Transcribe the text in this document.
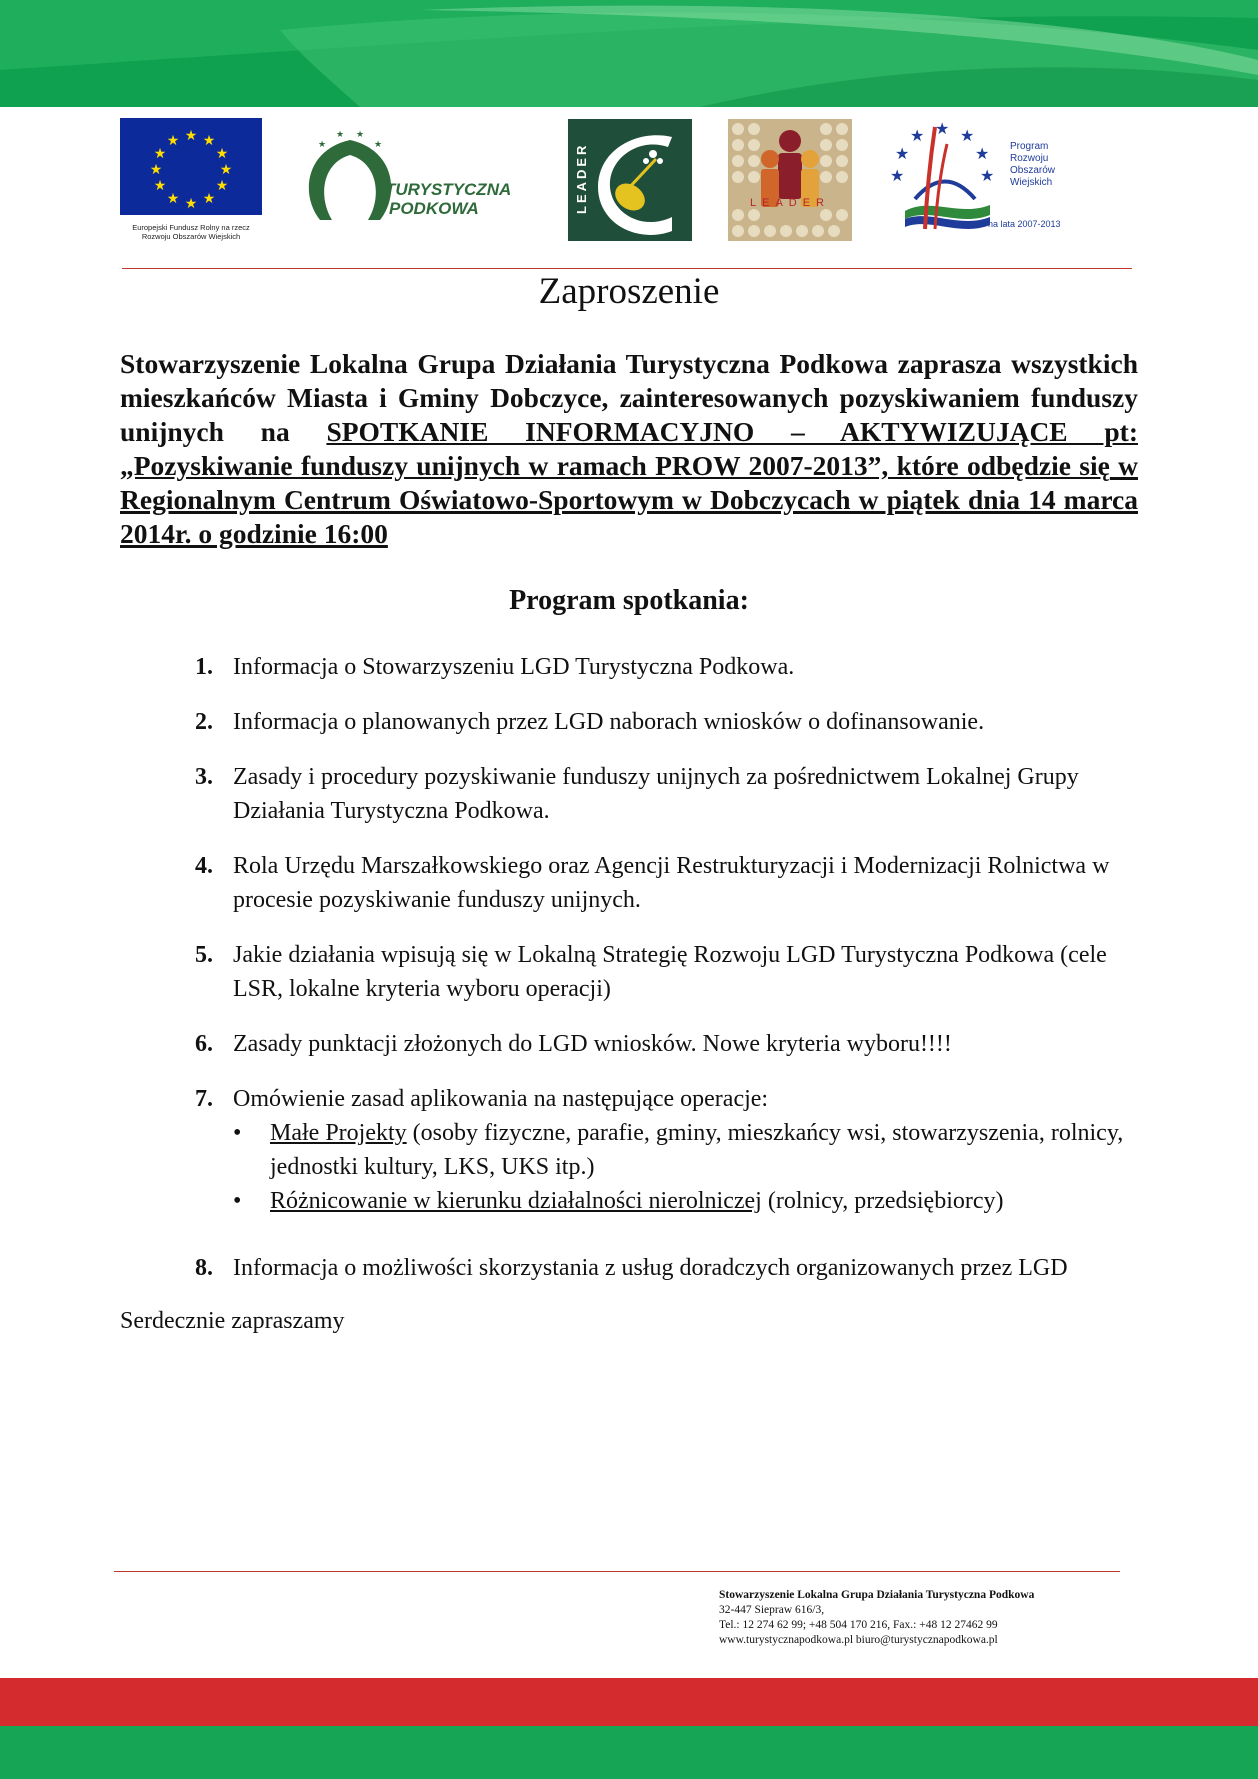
★ ★
★
★
★
★
★
★
★
★
★
★
Europejski Fundusz Rolny na rzecz
Rozwoju Obszarów Wiejskich
★
★ ★
★
TURYSTYCZNA
PODKOWA	LEADER	LEADER
★
★
★ ★ ★
★
★
Program
Rozwoju
Obszarów
Wiejskich
na lata 2007-2013
Zaproszenie

Stowarzyszenie Lokalna Grupa Działania Turystyczna Podkowa zaprasza wszystkich mieszkańców Miasta i Gminy Dobczyce, zainteresowanych pozyskiwaniem funduszy unijnych na SPOTKANIE INFORMACYJNO – AKTYWIZUJĄCE pt: „Pozyskiwanie funduszy unijnych w ramach PROW 2007-2013”, które odbędzie się w Regionalnym Centrum Oświatowo-Sportowym w Dobczycach w piątek dnia 14 marca 2014r. o godzinie 16:00

Program spotkania:
1. Informacja o Stowarzyszeniu LGD Turystyczna Podkowa.
2. Informacja o planowanych przez LGD naborach wniosków o dofinansowanie.
3. Zasady i procedury pozyskiwanie funduszy unijnych za pośrednictwem Lokalnej Grupy Działania Turystyczna Podkowa.
4. Rola Urzędu Marszałkowskiego oraz Agencji Restrukturyzacji i Modernizacji Rolnictwa w procesie pozyskiwanie funduszy unijnych.
5. Jakie działania wpisują się w Lokalną Strategię Rozwoju LGD Turystyczna Podkowa (cele LSR, lokalne kryteria wyboru operacji)
6. Zasady punktacji złożonych do LGD wniosków. Nowe kryteria wyboru!!!!
7. Omówienie zasad aplikowania na następujące operacje:
• Małe Projekty (osoby fizyczne, parafie, gminy, mieszkańcy wsi, stowarzyszenia, rolnicy, jednostki kultury, LKS, UKS itp.)
• Różnicowanie w kierunku działalności nierolniczej (rolnicy, przedsiębiorcy)
8. Informacja o możliwości skorzystania z usług doradczych organizowanych przez LGD

Serdecznie zapraszamy

Stowarzyszenie Lokalna Grupa Działania Turystyczna Podkowa
32-447 Siepraw 616/3,
Tel.: 12 274 62 99; +48 504 170 216, Fax.: +48 12 27462 99
www.turystycznapodkowa.pl biuro@turystycznapodkowa.pl
